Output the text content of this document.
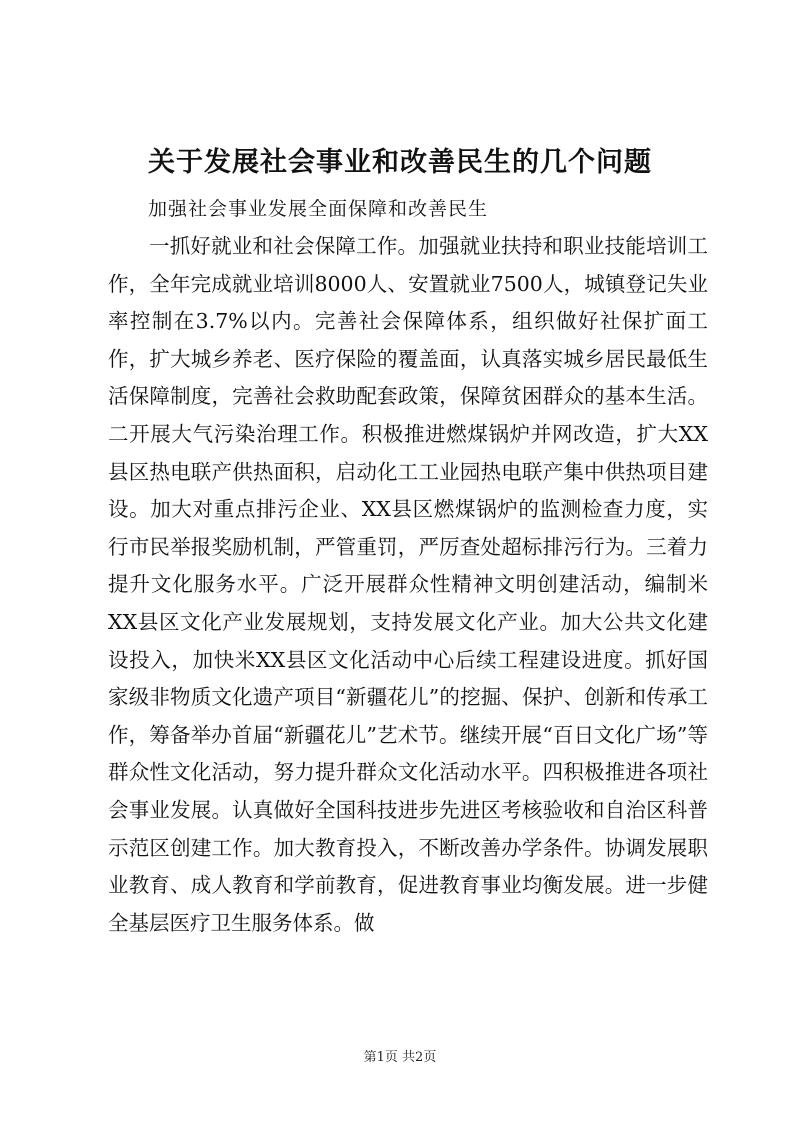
关于发展社会事业和改善民生的几个问题
加强社会事业发展全面保障和改善民生

一抓好就业和社会保障工作。加强就业扶持和职业技能培训工作，全年完成就业培训8000人、安置就业7500人，城镇登记失业率控制在3.7%以内。完善社会保障体系，组织做好社保扩面工作，扩大城乡养老、医疗保险的覆盖面，认真落实城乡居民最低生活保障制度，完善社会救助配套政策，保障贫困群众的基本生活。二开展大气污染治理工作。积极推进燃煤锅炉并网改造，扩大XX县区热电联产供热面积，启动化工工业园热电联产集中供热项目建设。加大对重点排污企业、XX县区燃煤锅炉的监测检查力度，实行市民举报奖励机制，严管重罚，严厉查处超标排污行为。三着力提升文化服务水平。广泛开展群众性精神文明创建活动，编制米XX县区文化产业发展规划，支持发展文化产业。加大公共文化建设投入，加快米XX县区文化活动中心后续工程建设进度。抓好国家级非物质文化遗产项目“新疆花儿”的挖掘、保护、创新和传承工作，筹备举办首届“新疆花儿”艺术节。继续开展“百日文化广场”等群众性文化活动，努力提升群众文化活动水平。四积极推进各项社会事业发展。认真做好全国科技进步先进区考核验收和自治区科普示范区创建工作。加大教育投入，不断改善办学条件。协调发展职业教育、成人教育和学前教育，促进教育事业均衡发展。进一步健全基层医疗卫生服务体系。做

第1页 共2页
